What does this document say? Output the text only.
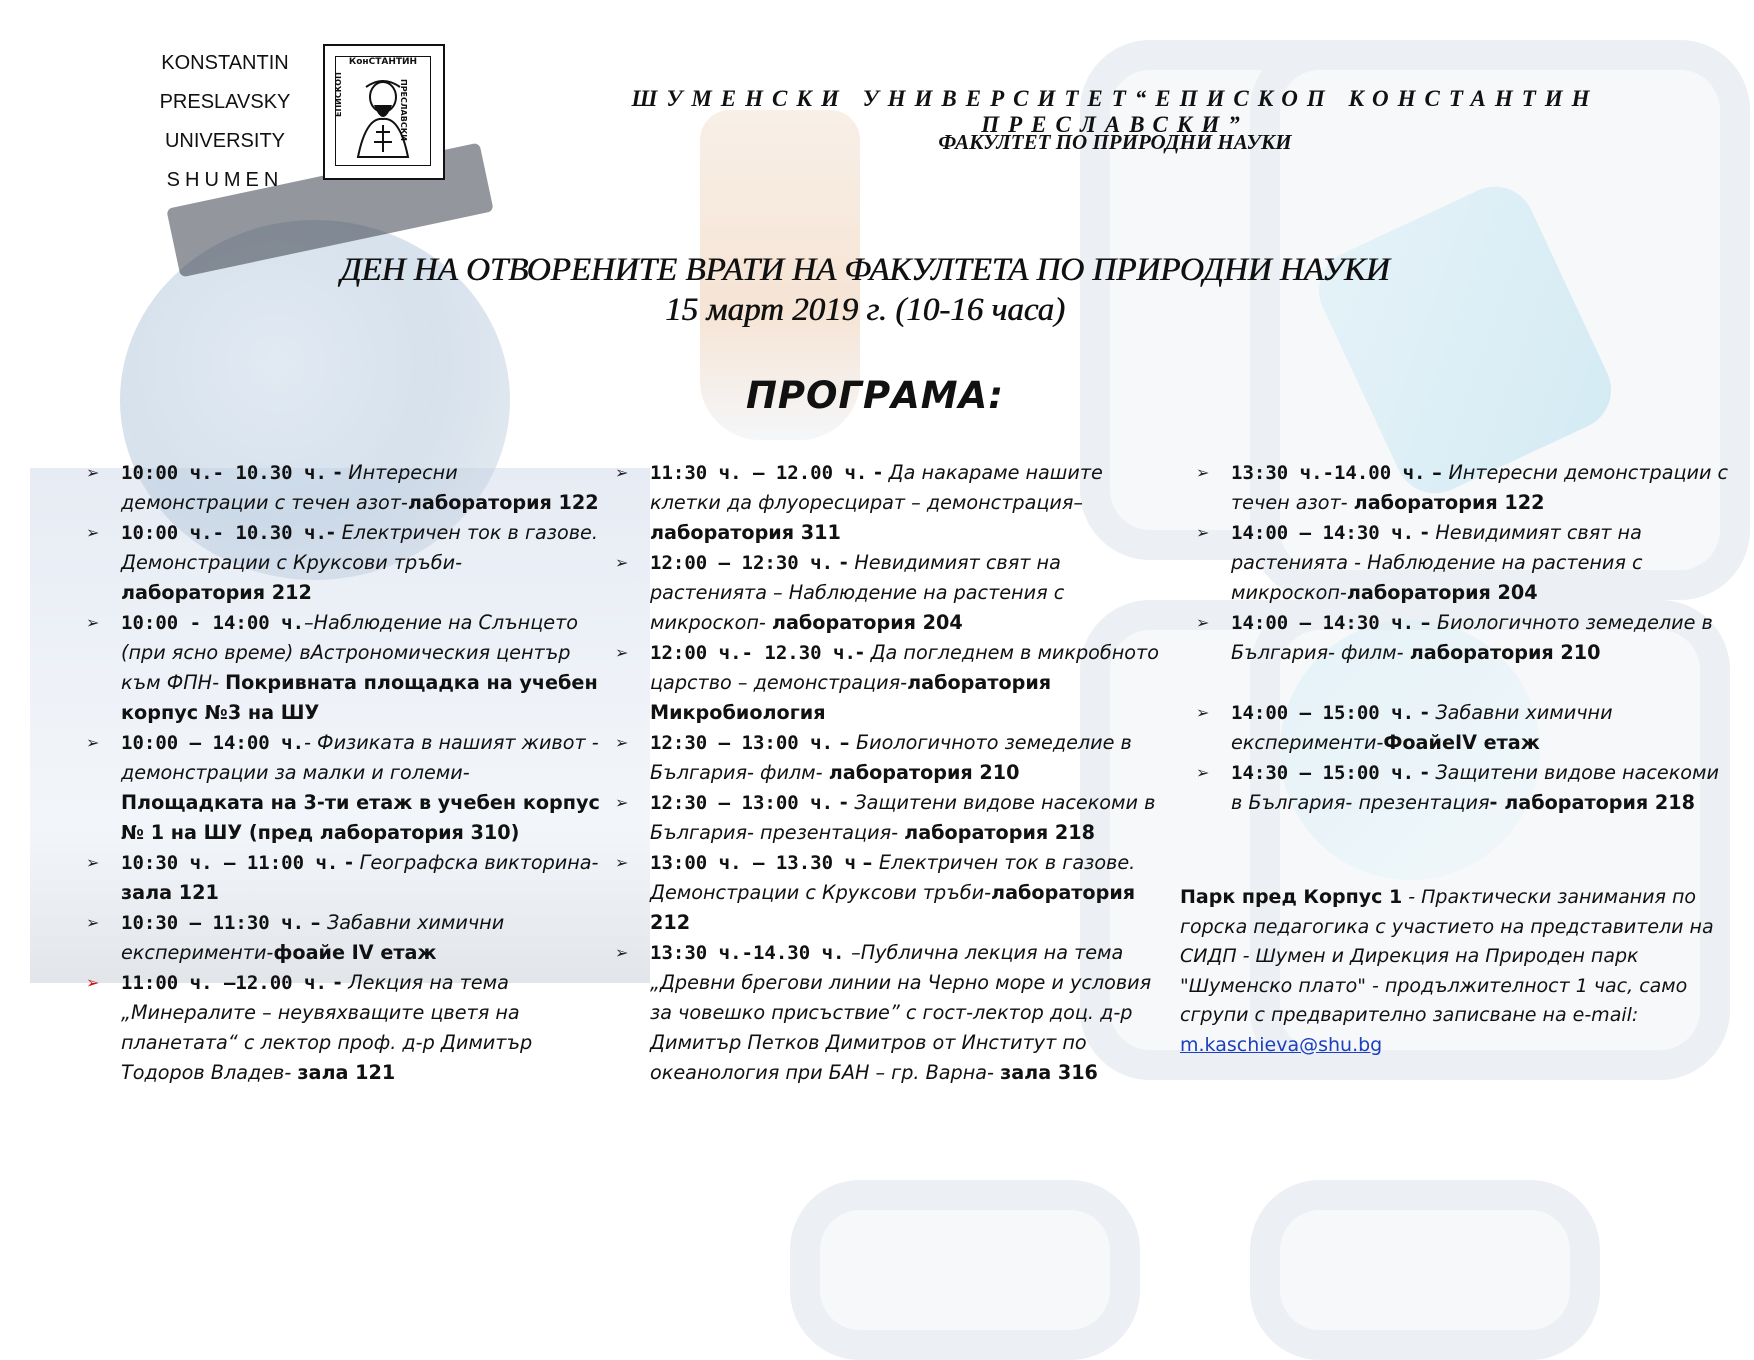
KONSTANTIN
PRESLAVSKY
UNIVERSITY
SHUMEN
КонСТАНТИН
ЕПИСКОП	ПРЕСЛАВСКИ	ШУМЕНСКИ УНИВЕРСИТЕТ“ЕПИСКОП КОНСТАНТИН ПРЕСЛАВСКИ”
ФАКУЛТЕТ ПО ПРИРОДНИ НАУКИ
ДЕН НА ОТВОРЕНИТЕ ВРАТИ НА ФАКУЛТЕТА ПО ПРИРОДНИ НАУКИ
15 март 2019 г. (10-16 часа)
ПРОГРАМА:
➢ 10:00 ч.- 10.30 ч. - Интересни демонстрации с течен азот-лаборатория 122
➢ 10:00 ч.- 10.30 ч.- Електричен ток в газове. Демонстрации с Круксови тръби-лаборатория 212
➢ 10:00 - 14:00 ч.–Наблюдение на Слънцето (при ясно време) вАстрономическия център към ФПН- Покривната площадка на учебен корпус №3 на ШУ
➢ 10:00 – 14:00 ч.- Физиката в нашият живот - демонстрации за малки и големи-Площадката на 3-ти етаж в учебен корпус № 1 на ШУ (пред лаборатория 310)
➢ 10:30 ч. – 11:00 ч. - Географска викторина- зала 121
➢ 10:30 – 11:30 ч. – Забавни химични експерименти-фоайе IV етаж
➢ 11:00 ч. –12.00 ч. - Лекция на тема „Минералите – неувяхващите цветя на планетата“ с лектор проф. д-р Димитър Тодоров Владев- зала 121
➢ 11:30 ч. – 12.00 ч. - Да накараме нашите клетки да флуоресцират – демонстрация–лаборатория 311
➢ 12:00 – 12:30 ч. - Невидимият свят на растенията – Наблюдение на растения с микроскоп- лаборатория 204
➢ 12:00 ч.- 12.30 ч.- Да погледнем в микробното царство – демонстрация-лаборатория Микробиология
➢ 12:30 – 13:00 ч. – Биологичното земеделие в България- филм- лаборатория 210
➢ 12:30 – 13:00 ч. - Защитени видове насекоми в България- презентация- лаборатория 218
➢ 13:00 ч. – 13.30 ч – Електричен ток в газове. Демонстрации с Круксови тръби-лаборатория 212
➢ 13:30 ч.-14.30 ч. –Публична лекция на тема „Древни брегови линии на Черно море и условия за човешко присъствие” с гост-лектор доц. д-р Димитър Петков Димитров от Институт по океанология при БАН – гр. Варна- зала 316
➢ 13:30 ч.-14.00 ч. – Интересни демонстрации с течен азот- лаборатория 122
➢ 14:00 – 14:30 ч. - Невидимият свят на растенията - Наблюдение на растения с микроскоп-лаборатория 204
➢ 14:00 – 14:30 ч. – Биологичното земеделие в България- филм- лаборатория 210
➢ 14:00 – 15:00 ч. - Забавни химични експерименти-ФоайеIV етаж
➢ 14:30 – 15:00 ч. - Защитени видове насекоми в България- презентация- лаборатория 218
Парк пред Корпус 1 - Практически занимания по горска педагогика с участието на представители на СИДП - Шумен и Дирекция на Природен парк "Шуменско плато" - продължителност 1 час, само сгрупи с предварително записване на е-mail: m.kaschieva@shu.bg
